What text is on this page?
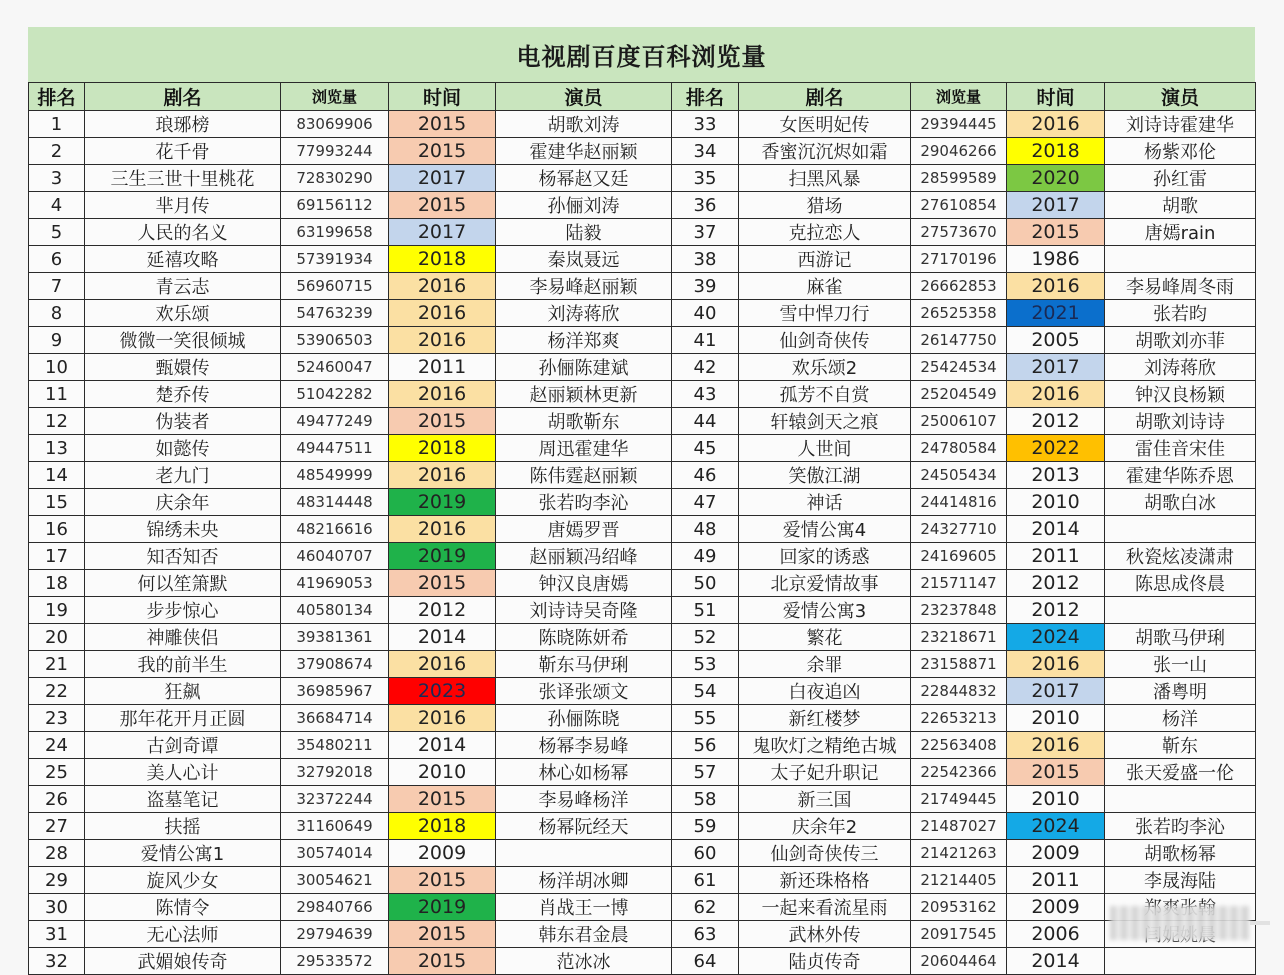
电视剧百度百科浏览量
排名	剧名	浏览量	时间	演员	排名	剧名	浏览量	时间	演员
1	琅琊榜	83069906	2015	胡歌刘涛	33	女医明妃传	29394445	2016	刘诗诗霍建华
2	花千骨	77993244	2015	霍建华赵丽颖	34	香蜜沉沉烬如霜	29046266	2018	杨紫邓伦
3	三生三世十里桃花	72830290	2017	杨幂赵又廷	35	扫黑风暴	28599589	2020	孙红雷
4	芈月传	69156112	2015	孙俪刘涛	36	猎场	27610854	2017	胡歌
5	人民的名义	63199658	2017	陆毅	37	克拉恋人	27573670	2015	唐嫣rain
6	延禧攻略	57391934	2018	秦岚聂远	38	西游记	27170196	1986	
7	青云志	56960715	2016	李易峰赵丽颖	39	麻雀	26662853	2016	李易峰周冬雨
8	欢乐颂	54763239	2016	刘涛蒋欣	40	雪中悍刀行	26525358	2021	张若昀
9	微微一笑很倾城	53906503	2016	杨洋郑爽	41	仙剑奇侠传	26147750	2005	胡歌刘亦菲
10	甄嬛传	52460047	2011	孙俪陈建斌	42	欢乐颂2	25424534	2017	刘涛蒋欣
11	楚乔传	51042282	2016	赵丽颖林更新	43	孤芳不自赏	25204549	2016	钟汉良杨颖
12	伪装者	49477249	2015	胡歌靳东	44	轩辕剑天之痕	25006107	2012	胡歌刘诗诗
13	如懿传	49447511	2018	周迅霍建华	45	人世间	24780584	2022	雷佳音宋佳
14	老九门	48549999	2016	陈伟霆赵丽颖	46	笑傲江湖	24505434	2013	霍建华陈乔恩
15	庆余年	48314448	2019	张若昀李沁	47	神话	24414816	2010	胡歌白冰
16	锦绣未央	48216616	2016	唐嫣罗晋	48	爱情公寓4	24327710	2014	
17	知否知否	46040707	2019	赵丽颖冯绍峰	49	回家的诱惑	24169605	2011	秋瓷炫凌潇肃
18	何以笙箫默	41969053	2015	钟汉良唐嫣	50	北京爱情故事	21571147	2012	陈思成佟晨
19	步步惊心	40580134	2012	刘诗诗吴奇隆	51	爱情公寓3	23237848	2012	
20	神雕侠侣	39381361	2014	陈晓陈妍希	52	繁花	23218671	2024	胡歌马伊琍
21	我的前半生	37908674	2016	靳东马伊琍	53	余罪	23158871	2016	张一山
22	狂飙	36985967	2023	张译张颂文	54	白夜追凶	22844832	2017	潘粤明
23	那年花开月正圆	36684714	2016	孙俪陈晓	55	新红楼梦	22653213	2010	杨洋
24	古剑奇谭	35480211	2014	杨幂李易峰	56	鬼吹灯之精绝古城	22563408	2016	靳东
25	美人心计	32792018	2010	林心如杨幂	57	太子妃升职记	22542366	2015	张天爱盛一伦
26	盗墓笔记	32372244	2015	李易峰杨洋	58	新三国	21749445	2010	
27	扶摇	31160649	2018	杨幂阮经天	59	庆余年2	21487027	2024	张若昀李沁
28	爱情公寓1	30574014	2009		60	仙剑奇侠传三	21421263	2009	胡歌杨幂
29	旋风少女	30054621	2015	杨洋胡冰卿	61	新还珠格格	21214405	2011	李晟海陆
30	陈情令	29840766	2019	肖战王一博	62	一起来看流星雨	20953162	2009	
31	无心法师	29794639	2015	韩东君金晨	63	武林外传	20917545	2006	
32	武媚娘传奇	29533572	2015	范冰冰	64	陆贞传奇	20604464	2014	
